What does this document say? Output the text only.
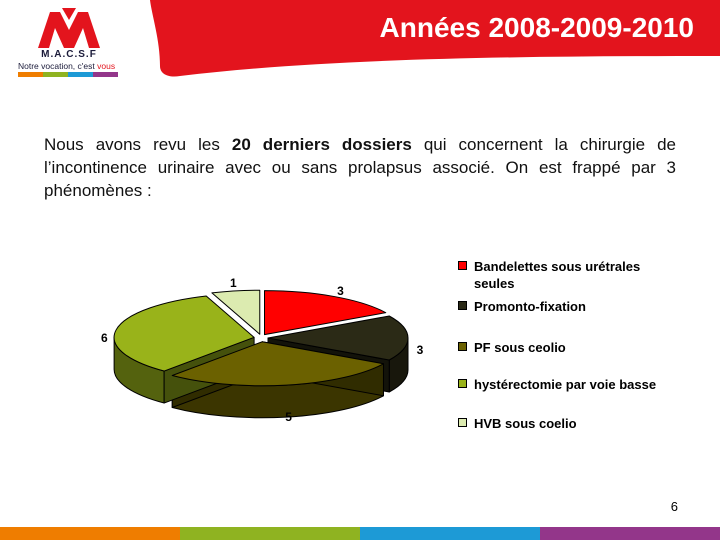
M.A.C.S.F
Notre vocation, c'est vous
Années 2008-2009-2010

Nous avons revu les 20 derniers dossiers qui concernent la chirurgie de l’incontinence urinaire avec ou sans prolapsus associé. On est frappé par 3 phénomènes :

3
3
5
6
1
Bandelettes sous urétrales seules
Promonto-fixation
PF sous ceolio
hystérectomie par voie basse
HVB sous coelio
6
